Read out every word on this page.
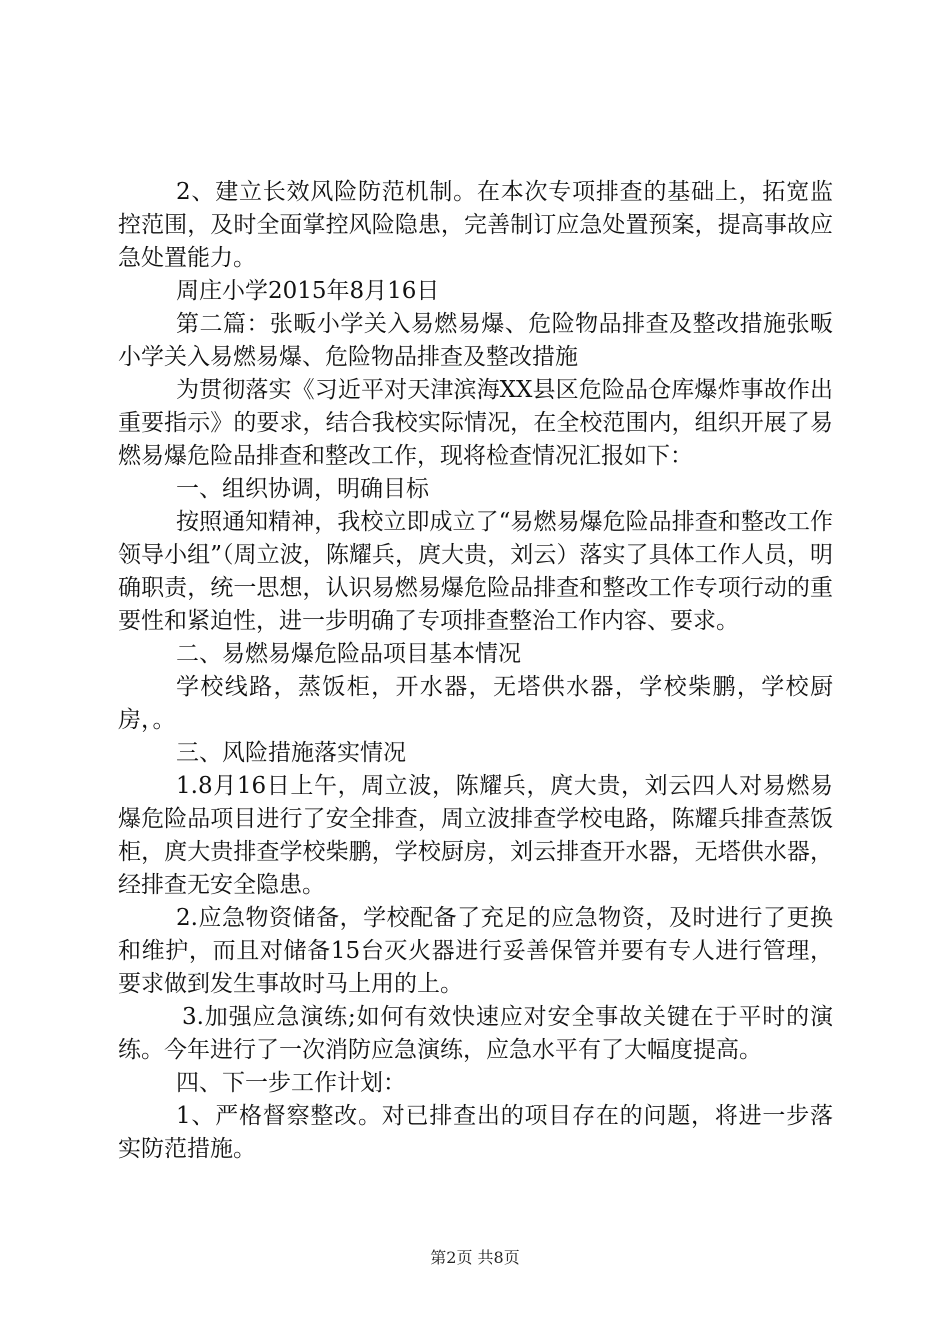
2、建立长效风险防范机制。在本次专项排查的基础上，拓宽监控范围，及时全面掌控风险隐患，完善制订应急处置预案，提高事故应急处置能力。

周庄小学2015年8月16日

第二篇：张畈小学关入易燃易爆、危险物品排查及整改措施张畈小学关入易燃易爆、危险物品排查及整改措施

为贯彻落实《习近平对天津滨海XX县区危险品仓库爆炸事故作出重要指示》的要求，结合我校实际情况，在全校范围内，组织开展了易燃易爆危险品排查和整改工作，现将检查情况汇报如下：

一、组织协调，明确目标

按照通知精神，我校立即成立了“易燃易爆危险品排查和整改工作领导小组”（周立波，陈耀兵，庹大贵，刘云）落实了具体工作人员，明确职责，统一思想，认识易燃易爆危险品排查和整改工作专项行动的重要性和紧迫性，进一步明确了专项排查整治工作内容、要求。

二、易燃易爆危险品项目基本情况

学校线路，蒸饭柜，开水器，无塔供水器，学校柴鹏，学校厨房，。

三、风险措施落实情况

1.8月16日上午，周立波，陈耀兵，庹大贵，刘云四人对易燃易爆危险品项目进行了安全排查，周立波排查学校电路，陈耀兵排查蒸饭柜，庹大贵排查学校柴鹏，学校厨房，刘云排查开水器，无塔供水器，经排查无安全隐患。

2.应急物资储备，学校配备了充足的应急物资，及时进行了更换和维护，而且对储备15台灭火器进行妥善保管并要有专人进行管理，要求做到发生事故时马上用的上。

3.加强应急演练;如何有效快速应对安全事故关键在于平时的演练。今年进行了一次消防应急演练，应急水平有了大幅度提高。

四、下一步工作计划：

1、严格督察整改。对已排查出的项目存在的问题，将进一步落实防范措施。

第2页 共8页
